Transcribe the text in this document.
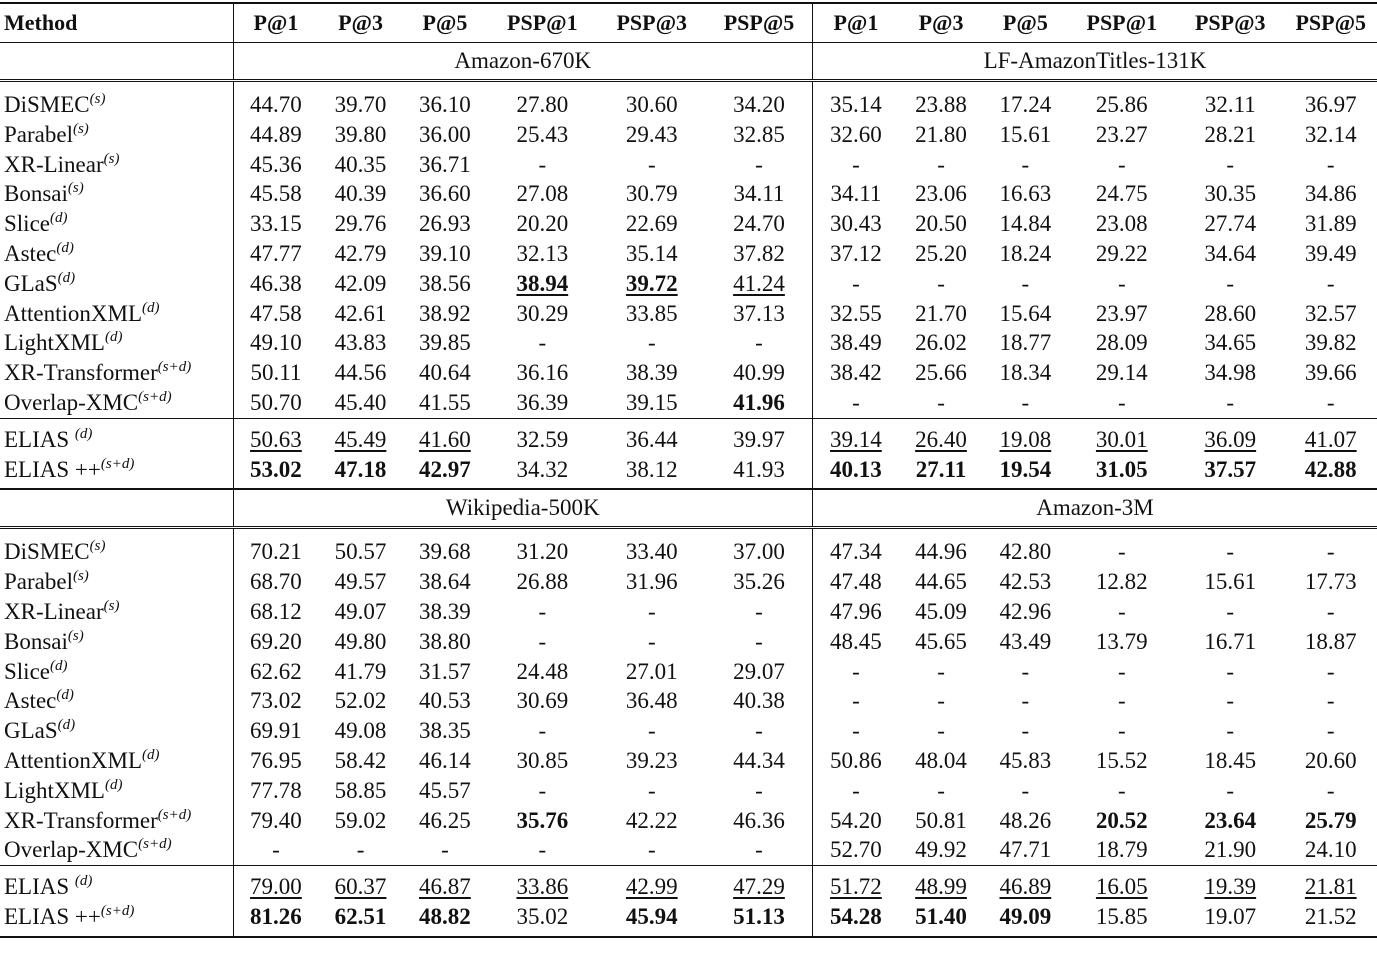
Method	P@1	P@3	P@5	PSP@1	PSP@3	PSP@5	P@1	P@3	P@5	PSP@1	PSP@3	PSP@5
	Amazon-670K						LF-AmazonTitles-131K					
DiSMEC$^{(s)}$	44.70	39.70	36.10	27.80	30.60	34.20	35.14	23.88	17.24	25.86	32.11	36.97
Parabel$^{(s)}$	44.89	39.80	36.00	25.43	29.43	32.85	32.60	21.80	15.61	23.27	28.21	32.14
XR-Linear$^{(s)}$	45.36	40.35	36.71	-	-	-	-	-	-	-	-	-
Bonsai$^{(s)}$	45.58	40.39	36.60	27.08	30.79	34.11	34.11	23.06	16.63	24.75	30.35	34.86
Slice$^{(d)}$	33.15	29.76	26.93	20.20	22.69	24.70	30.43	20.50	14.84	23.08	27.74	31.89
Astec$^{(d)}$	47.77	42.79	39.10	32.13	35.14	37.82	37.12	25.20	18.24	29.22	34.64	39.49
GLaS$^{(d)}$	46.38	42.09	38.56	38.94	39.72	41.24	-	-	-	-	-	-
AttentionXML$^{(d)}$	47.58	42.61	38.92	30.29	33.85	37.13	32.55	21.70	15.64	23.97	28.60	32.57
LightXML$^{(d)}$	49.10	43.83	39.85	-	-	-	38.49	26.02	18.77	28.09	34.65	39.82
XR-Transformer$^{(s+d)}$	50.11	44.56	40.64	36.16	38.39	40.99	38.42	25.66	18.34	29.14	34.98	39.66
Overlap-$XMC^{(s+d)}$	50.70	45.40	41.55	36.39	39.15	41.96	-	-	-	-	-	-
ELIAS $^{(d)}$	50.63	45.49	41.60	32.59	36.44	39.97	39.14	26.40	19.08	30.01	36.09	41.07
ELIAS ++$^{(s+d)}$	53.02	47.18	42.97	34.32	38.12	41.93	40.13	27.11	19.54	31.05	37.57	42.88
	Wikipedia-500K						Amazon-3M					
DiSMEC$^{(s)}$	70.21	50.57	39.68	31.20	33.40	37.00	47.34	44.96	42.80	-	-	-
Parabel$^{(s)}$	68.70	49.57	38.64	26.88	31.96	35.26	47.48	44.65	42.53	12.82	15.61	17.73
XR-Linear$^{(s)}$	68.12	49.07	38.39	-	-	-	47.96	45.09	42.96	-	-	-
Bonsai$^{(s)}$	69.20	49.80	38.80	-	-	-	48.45	45.65	43.49	13.79	16.71	18.87
Slice$^{(d)}$	62.62	41.79	31.57	24.48	27.01	29.07	-	-	-	-	-	-
Astec$^{(d)}$	73.02	52.02	40.53	30.69	36.48	40.38	-	-	-	-	-	-
GLaS$^{(d)}$	69.91	49.08	38.35	-	-	-	-	-	-	-	-	-
AttentionXML$^{(d)}$	76.95	58.42	46.14	30.85	39.23	44.34	50.86	48.04	45.83	15.52	18.45	20.60
LightXML$^{(d)}$	77.78	58.85	45.57	-	-	-	-	-	-	-	-	-
XR-Transformer$^{(s+d)}$	79.40	59.02	46.25	35.76	42.22	46.36	54.20	50.81	48.26	20.52	23.64	25.79
Overlap-$XMC^{(s+d)}$	-	-	-	-	-	-	52.70	49.92	47.71	18.79	21.90	24.10
ELIAS $^{(d)}$	79.00	60.37	46.87	33.86	42.99	47.29	51.72	48.99	46.89	16.05	19.39	21.81
ELIAS ++$^{(s+d)}$	81.26	62.51	48.82	35.02	45.94	51.13	54.28	51.40	49.09	15.85	19.07	21.52
